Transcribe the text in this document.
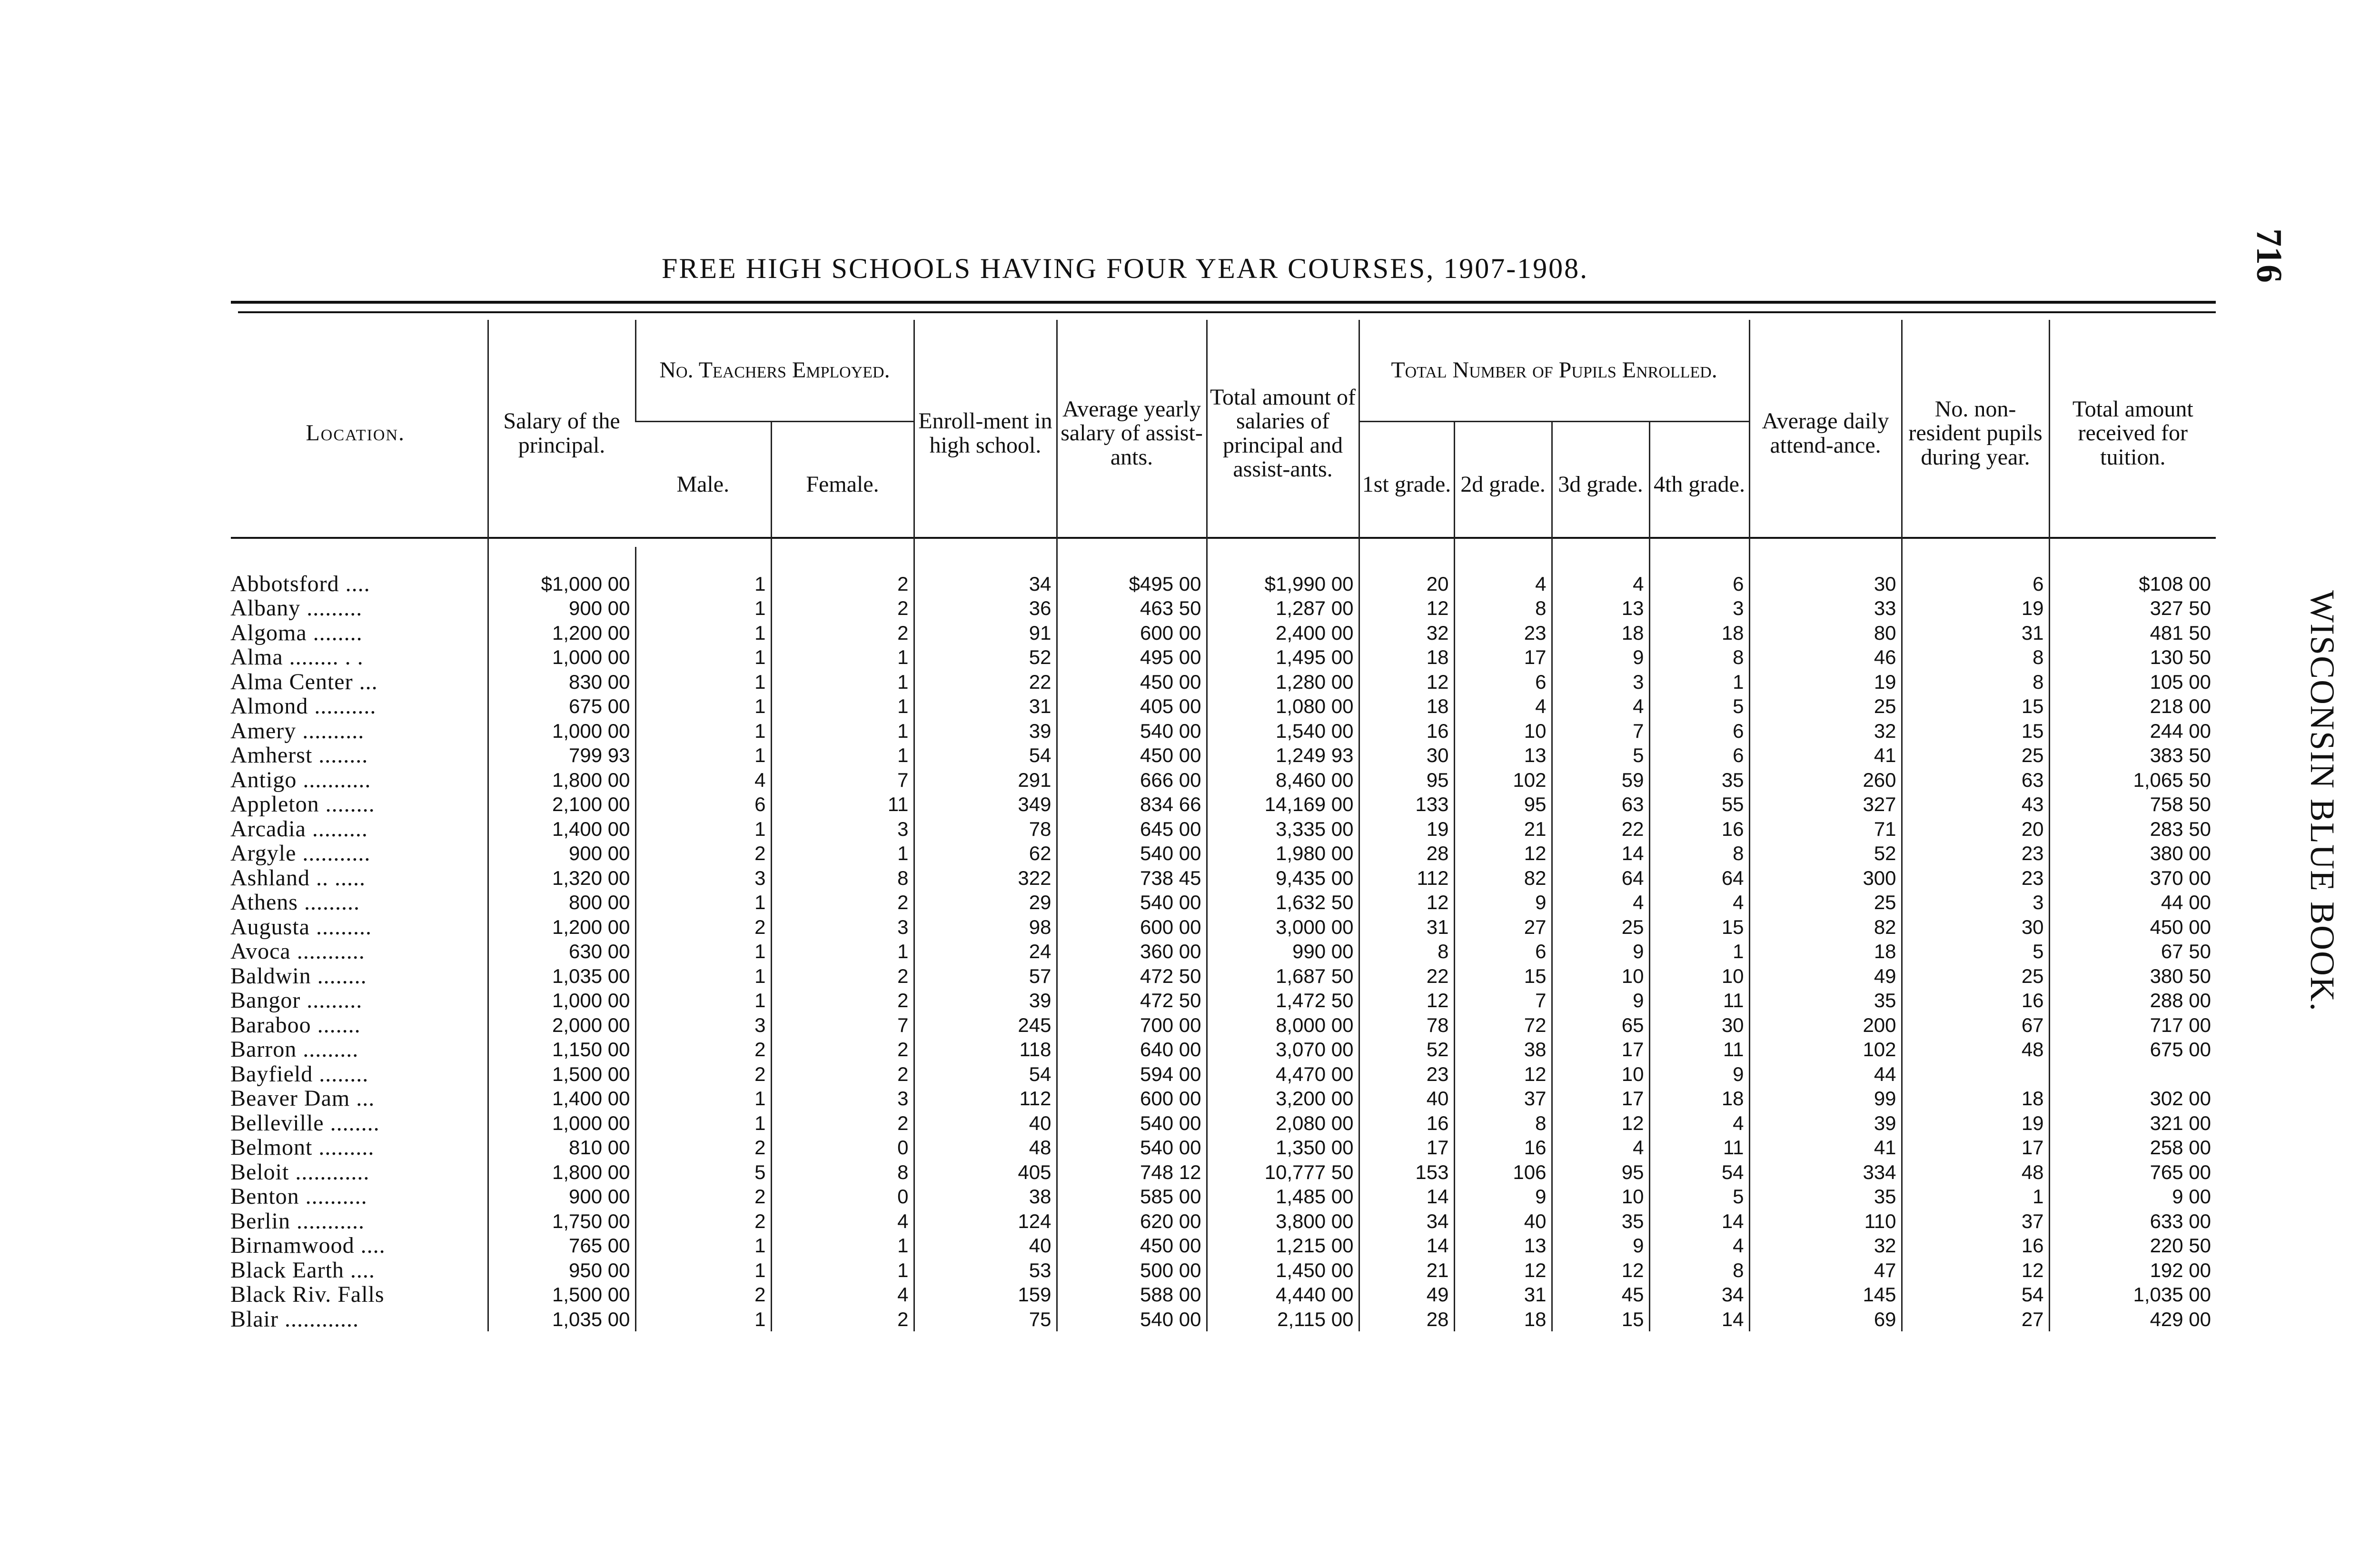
FREE HIGH SCHOOLS HAVING FOUR YEAR COURSES, 1907-1908.	716
WISCONSIN BLUE BOOK.
Location.	Salary of the principal.	No. Teachers Employed.		Enroll-ment in high school.	Average yearly salary of assist-ants.	Total amount of salaries of principal and assist-ants.	Total Number of Pupils Enrolled.				Average daily attend-ance.	No. non-resident pupils during year.	Total amount received for tuition.
		Male.	Female.				1st grade.	2d grade.	3d grade.	4th grade.			

Abbotsford ....	$1,000 00	1	2	34	$495 00	$1,990 00	20	4	4	6	30	6	$108 00
Albany .........	900 00	1	2	36	463 50	1,287 00	12	8	13	3	33	19	327 50
Algoma ........	1,200 00	1	2	91	600 00	2,400 00	32	23	18	18	80	31	481 50
Alma ........ . .	1,000 00	1	1	52	495 00	1,495 00	18	17	9	8	46	8	130 50
Alma Center ...	830 00	1	1	22	450 00	1,280 00	12	6	3	1	19	8	105 00
Almond ..........	675 00	1	1	31	405 00	1,080 00	18	4	4	5	25	15	218 00
Amery ..........	1,000 00	1	1	39	540 00	1,540 00	16	10	7	6	32	15	244 00
Amherst ........	799 93	1	1	54	450 00	1,249 93	30	13	5	6	41	25	383 50
Antigo ...........	1,800 00	4	7	291	666 00	8,460 00	95	102	59	35	260	63	1,065 50
Appleton ........	2,100 00	6	11	349	834 66	14,169 00	133	95	63	55	327	43	758 50
Arcadia .........	1,400 00	1	3	78	645 00	3,335 00	19	21	22	16	71	20	283 50
Argyle ...........	900 00	2	1	62	540 00	1,980 00	28	12	14	8	52	23	380 00
Ashland .. .....	1,320 00	3	8	322	738 45	9,435 00	112	82	64	64	300	23	370 00
Athens .........	800 00	1	2	29	540 00	1,632 50	12	9	4	4	25	3	44 00
Augusta .........	1,200 00	2	3	98	600 00	3,000 00	31	27	25	15	82	30	450 00
Avoca ...........	630 00	1	1	24	360 00	990 00	8	6	9	1	18	5	67 50
Baldwin ........	1,035 00	1	2	57	472 50	1,687 50	22	15	10	10	49	25	380 50
Bangor .........	1,000 00	1	2	39	472 50	1,472 50	12	7	9	11	35	16	288 00
Baraboo .......	2,000 00	3	7	245	700 00	8,000 00	78	72	65	30	200	67	717 00
Barron .........	1,150 00	2	2	118	640 00	3,070 00	52	38	17	11	102	48	675 00
Bayfield ........	1,500 00	2	2	54	594 00	4,470 00	23	12	10	9	44		
Beaver Dam ...	1,400 00	1	3	112	600 00	3,200 00	40	37	17	18	99	18	302 00
Belleville ........	1,000 00	1	2	40	540 00	2,080 00	16	8	12	4	39	19	321 00
Belmont .........	810 00	2	0	48	540 00	1,350 00	17	16	4	11	41	17	258 00
Beloit ............	1,800 00	5	8	405	748 12	10,777 50	153	106	95	54	334	48	765 00
Benton ..........	900 00	2	0	38	585 00	1,485 00	14	9	10	5	35	1	9 00
Berlin ...........	1,750 00	2	4	124	620 00	3,800 00	34	40	35	14	110	37	633 00
Birnamwood ....	765 00	1	1	40	450 00	1,215 00	14	13	9	4	32	16	220 50
Black Earth ....	950 00	1	1	53	500 00	1,450 00	21	12	12	8	47	12	192 00
Black Riv. Falls	1,500 00	2	4	159	588 00	4,440 00	49	31	45	34	145	54	1,035 00
Blair ............	1,035 00	1	2	75	540 00	2,115 00	28	18	15	14	69	27	429 00
